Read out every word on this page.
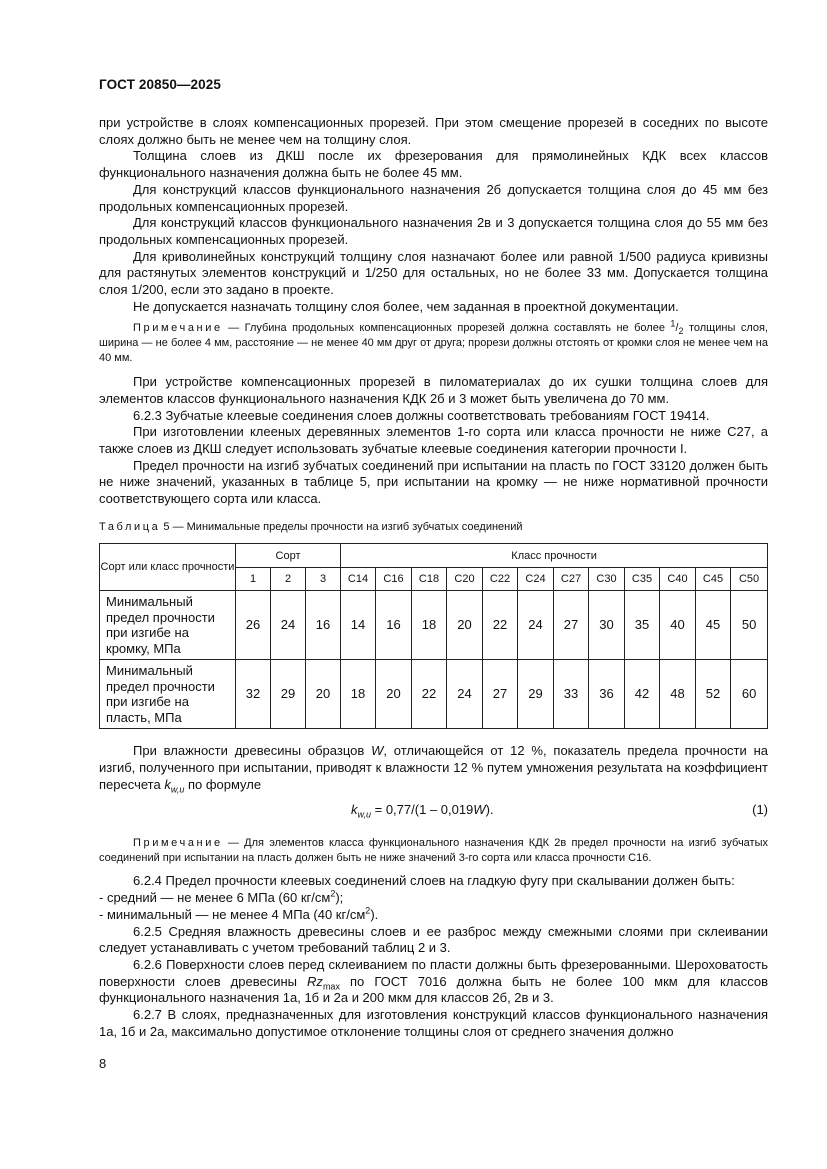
ГОСТ 20850—2025

при устройстве в слоях компенсационных прорезей. При этом смещение прорезей в соседних по высоте слоях должно быть не менее чем на толщину слоя.

Толщина слоев из ДКШ после их фрезерования для прямолинейных КДК всех классов функционального назначения должна быть не более 45 мм.

Для конструкций классов функционального назначения 2б допускается толщина слоя до 45 мм без продольных компенсационных прорезей.

Для конструкций классов функционального назначения 2в и 3 допускается толщина слоя до 55 мм без продольных компенсационных прорезей.

Для криволинейных конструкций толщину слоя назначают более или равной 1/500 радиуса кривизны для растянутых элементов конструкций и 1/250 для остальных, но не более 33 мм. Допускается толщина слоя 1/200, если это задано в проекте.

Не допускается назначать толщину слоя более, чем заданная в проектной документации.

Примечание — Глубина продольных компенсационных прорезей должна составлять не более $^1/_2$ толщины слоя, ширина — не более 4 мм, расстояние — не менее 40 мм друг от друга; прорези должны отстоять от кромки слоя не менее чем на 40 мм.

При устройстве компенсационных прорезей в пиломатериалах до их сушки толщина слоев для элементов классов функционального назначения КДК 2б и 3 может быть увеличена до 70 мм.

6.2.3 Зубчатые клеевые соединения слоев должны соответствовать требованиям ГОСТ 19414.

При изготовлении клееных деревянных элементов 1-го сорта или класса прочности не ниже С27, а также слоев из ДКШ следует использовать зубчатые клеевые соединения категории прочности I.

Предел прочности на изгиб зубчатых соединений при испытании на пласть по ГОСТ 33120 должен быть не ниже значений, указанных в таблице 5, при испытании на кромку — не ниже нормативной прочности соответствующего сорта или класса.

Таблица 5 — Минимальные пределы прочности на изгиб зубчатых соединений

Сорт или класс прочности	Сорт			Класс прочности											
	1	2	3	С14	С16	С18	С20	С22	С24	С27	С30	С35	С40	С45	С50
Минимальный предел прочности при изгибе на кромку, МПа	26	24	16	14	16	18	20	22	24	27	30	35	40	45	50
Минимальный предел прочности при изгибе на пласть, МПа	32	29	20	18	20	22	24	27	29	33	36	42	48	52	60

При влажности древесины образцов W, отличающейся от 12 %, показатель предела прочности на изгиб, полученного при испытании, приводят к влажности 12 % путем умножения результата на коэффициент пересчета $k_{w,u}$ по формуле

$k_{w,u} = 0,77/(1 - 0,019W)$.	(1)

Примечание — Для элементов класса функционального назначения КДК 2в предел прочности на изгиб зубчатых соединений при испытании на пласть должен быть не ниже значений 3-го сорта или класса прочности С16.

6.2.4 Предел прочности клеевых соединений слоев на гладкую фугу при скалывании должен быть:

- средний — не менее 6 МПа (60 $кг/см^2$);

- минимальный — не менее 4 МПа (40 $кг/см^2$).

6.2.5 Средняя влажность древесины слоев и ее разброс между смежными слоями при склеивании следует устанавливать с учетом требований таблиц 2 и 3.

6.2.6 Поверхности слоев перед склеиванием по пласти должны быть фрезерованными. Шероховатость поверхности слоев древесины $Rz_{max}$ по ГОСТ 7016 должна быть не более 100 мкм для классов функционального назначения 1а, 1б и 2а и 200 мкм для классов 2б, 2в и 3.

6.2.7 В слоях, предназначенных для изготовления конструкций классов функционального назначения 1а, 1б и 2а, максимально допустимое отклонение толщины слоя от среднего значения должно

8
